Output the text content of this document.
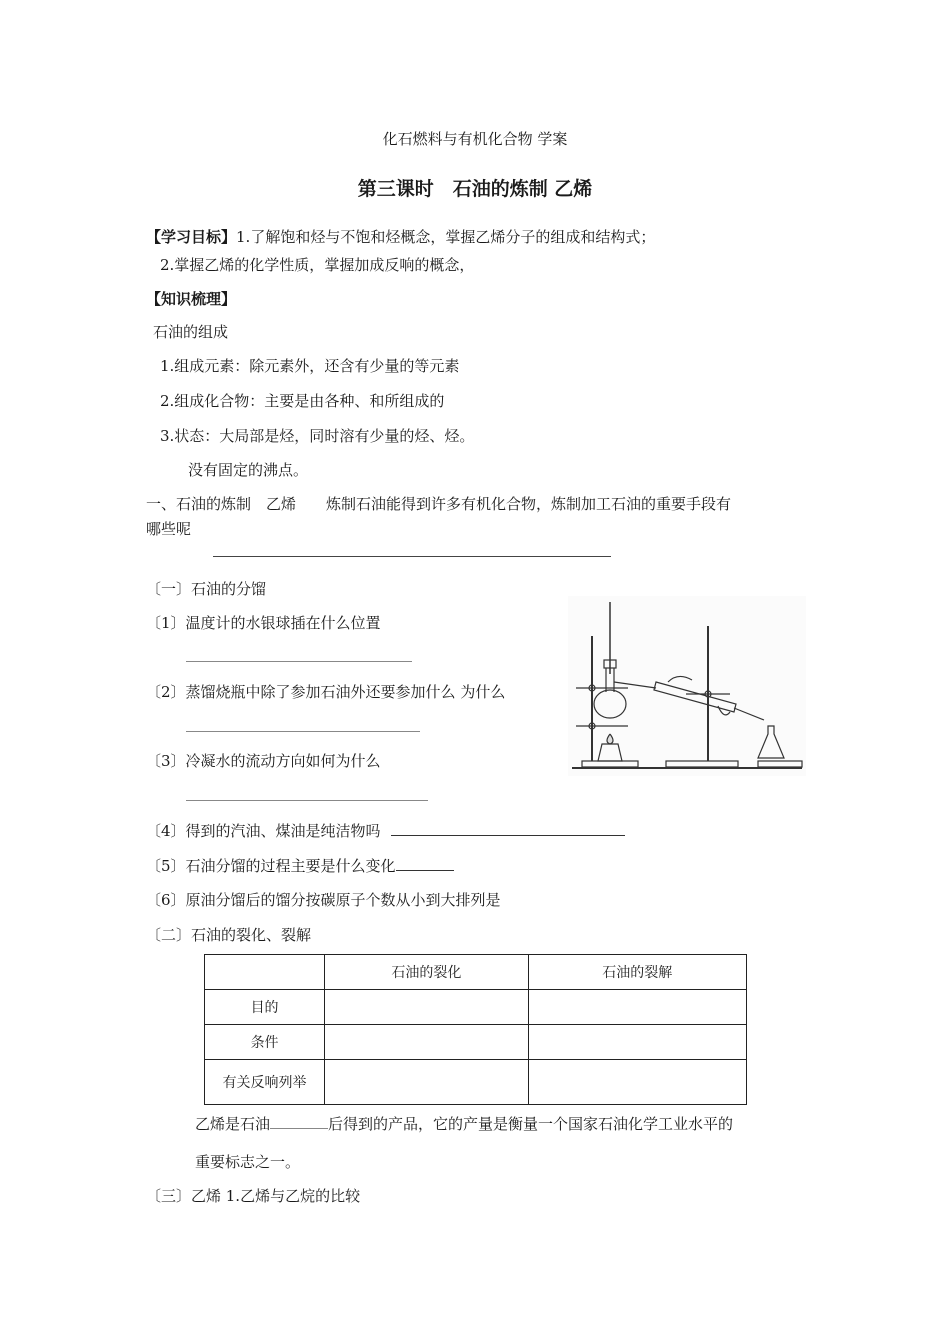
化石燃料与有机化合物 学案
第三课时　石油的炼制 乙烯
【学习目标】1.了解饱和烃与不饱和烃概念，掌握乙烯分子的组成和结构式；
2.掌握乙烯的化学性质，掌握加成反响的概念，
【知识梳理】
石油的组成
1.组成元素：除元素外，还含有少量的等元素
2.组成化合物：主要是由各种、和所组成的
3.状态：大局部是烃，同时溶有少量的烃、烃。
没有固定的沸点。
一、石油的炼制　乙烯　　炼制石油能得到许多有机化合物，炼制加工石油的重要手段有
哪些呢
〔一〕石油的分馏
〔1〕温度计的水银球插在什么位置
〔2〕蒸馏烧瓶中除了参加石油外还要参加什么 为什么
〔3〕冷凝水的流动方向如何为什么
〔4〕得到的汽油、煤油是纯洁物吗
〔5〕石油分馏的过程主要是什么变化
〔6〕原油分馏后的馏分按碳原子个数从小到大排列是
〔二〕石油的裂化、裂解
	石油的裂化	石油的裂解
目的		
条件		
有关反响列举		
乙烯是石油	后得到的产品，它的产量是衡量一个国家石油化学工业水平的
重要标志之一。
〔三〕乙烯 1.乙烯与乙烷的比较
